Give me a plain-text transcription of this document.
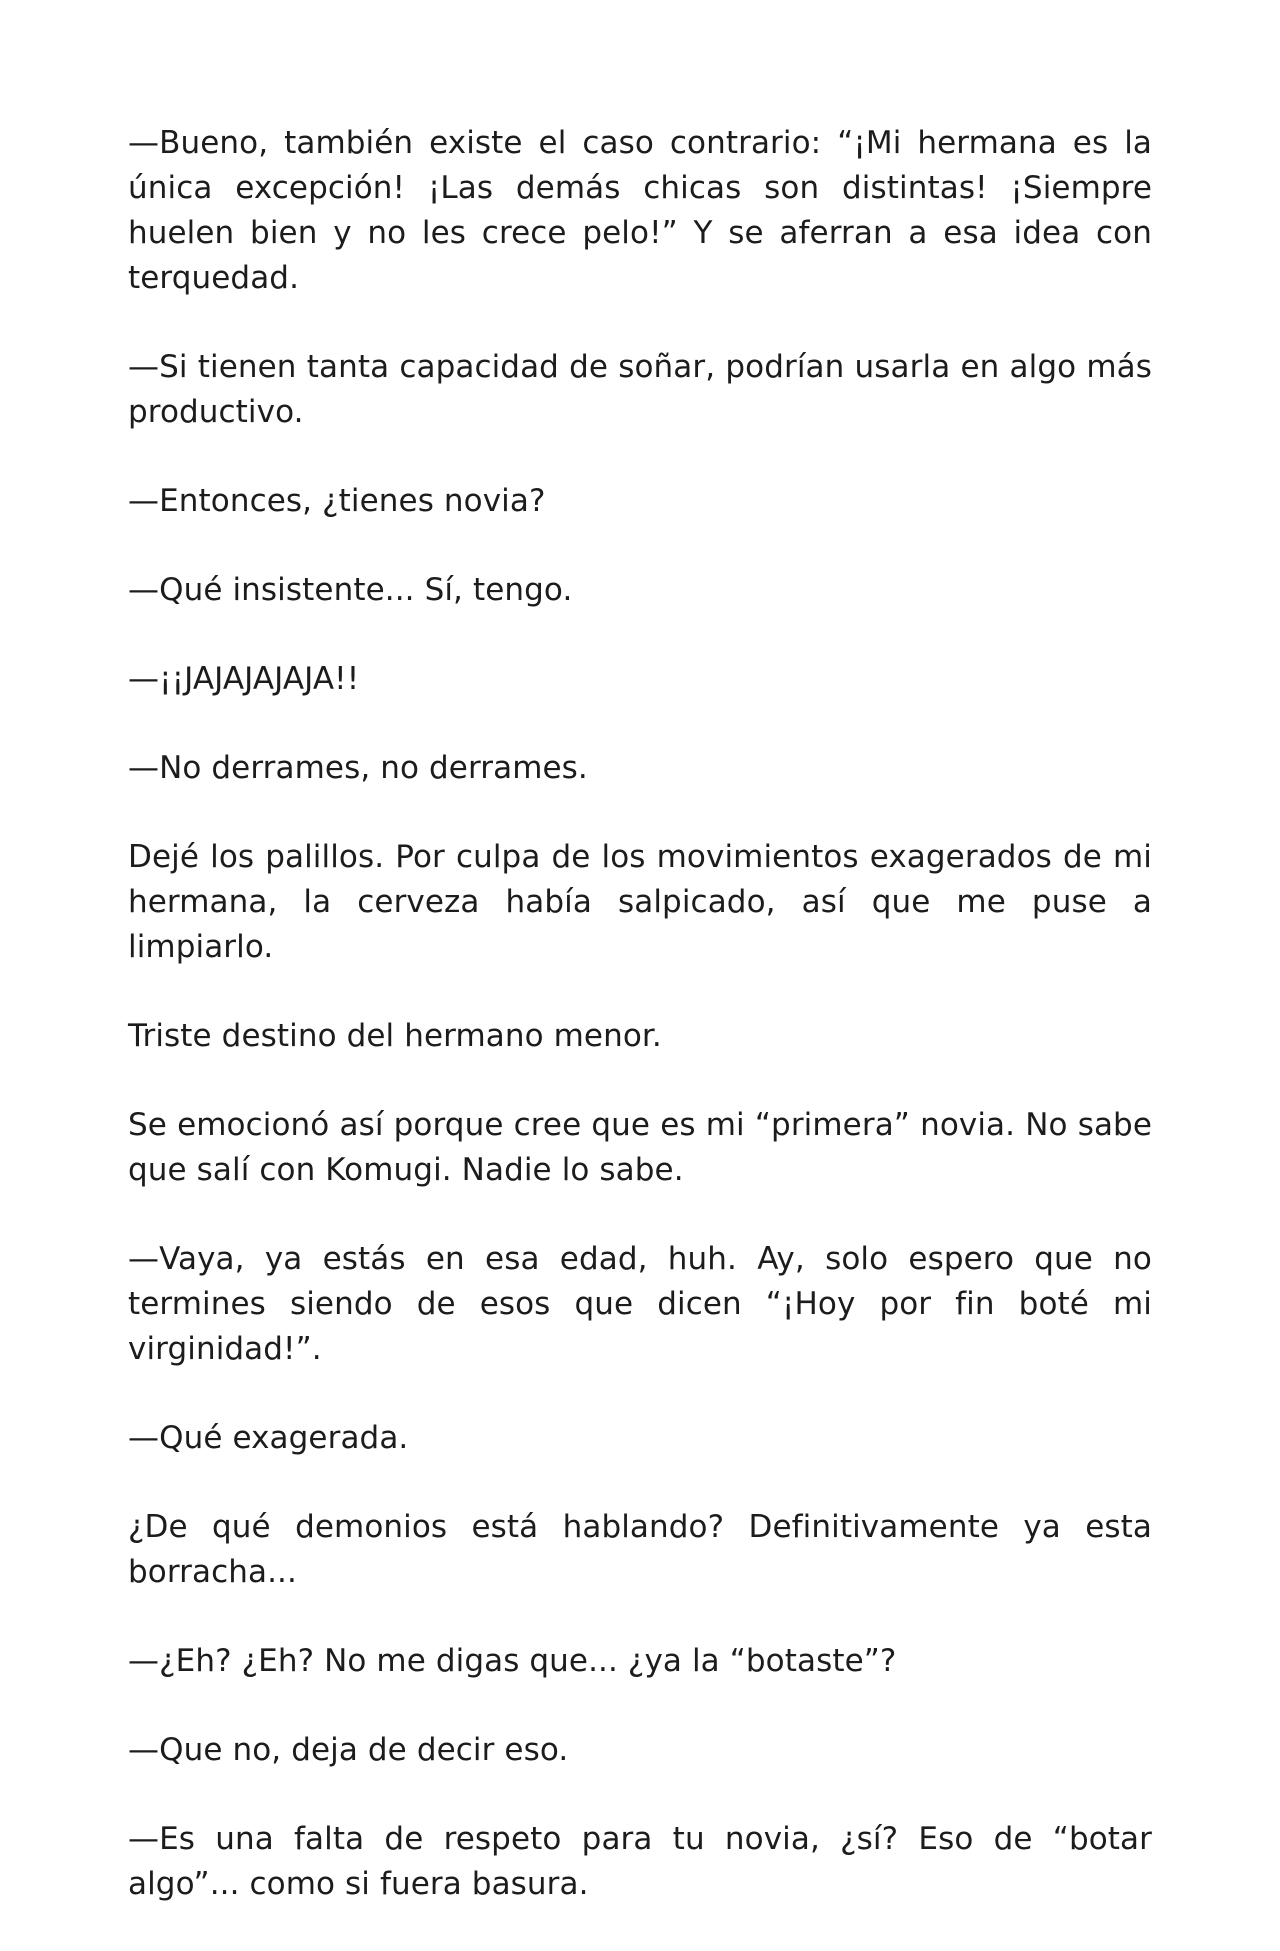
—Bueno, también existe el caso contrario: “¡Mi hermana es la única excepción! ¡Las demás chicas son distintas! ¡Siempre huelen bien y no les crece pelo!” Y se aferran a esa idea con terquedad.

—Si tienen tanta capacidad de soñar, podrían usarla en algo más productivo.

—Entonces, ¿tienes novia?

—Qué insistente... Sí, tengo.

—¡¡JAJAJAJAJA!!

—No derrames, no derrames.

Dejé los palillos. Por culpa de los movimientos exagerados de mi hermana, la cerveza había salpicado, así que me puse a limpiarlo.

Triste destino del hermano menor.

Se emocionó así porque cree que es mi “primera” novia. No sabe que salí con Komugi. Nadie lo sabe.

—Vaya, ya estás en esa edad, huh. Ay, solo espero que no termines siendo de esos que dicen “¡Hoy por fin boté mi virginidad!”.

—Qué exagerada.

¿De qué demonios está hablando? Definitivamente ya esta borracha...

—¿Eh? ¿Eh? No me digas que... ¿ya la “botaste”?

—Que no, deja de decir eso.

—Es una falta de respeto para tu novia, ¿sí? Eso de “botar algo”... como si fuera basura.
